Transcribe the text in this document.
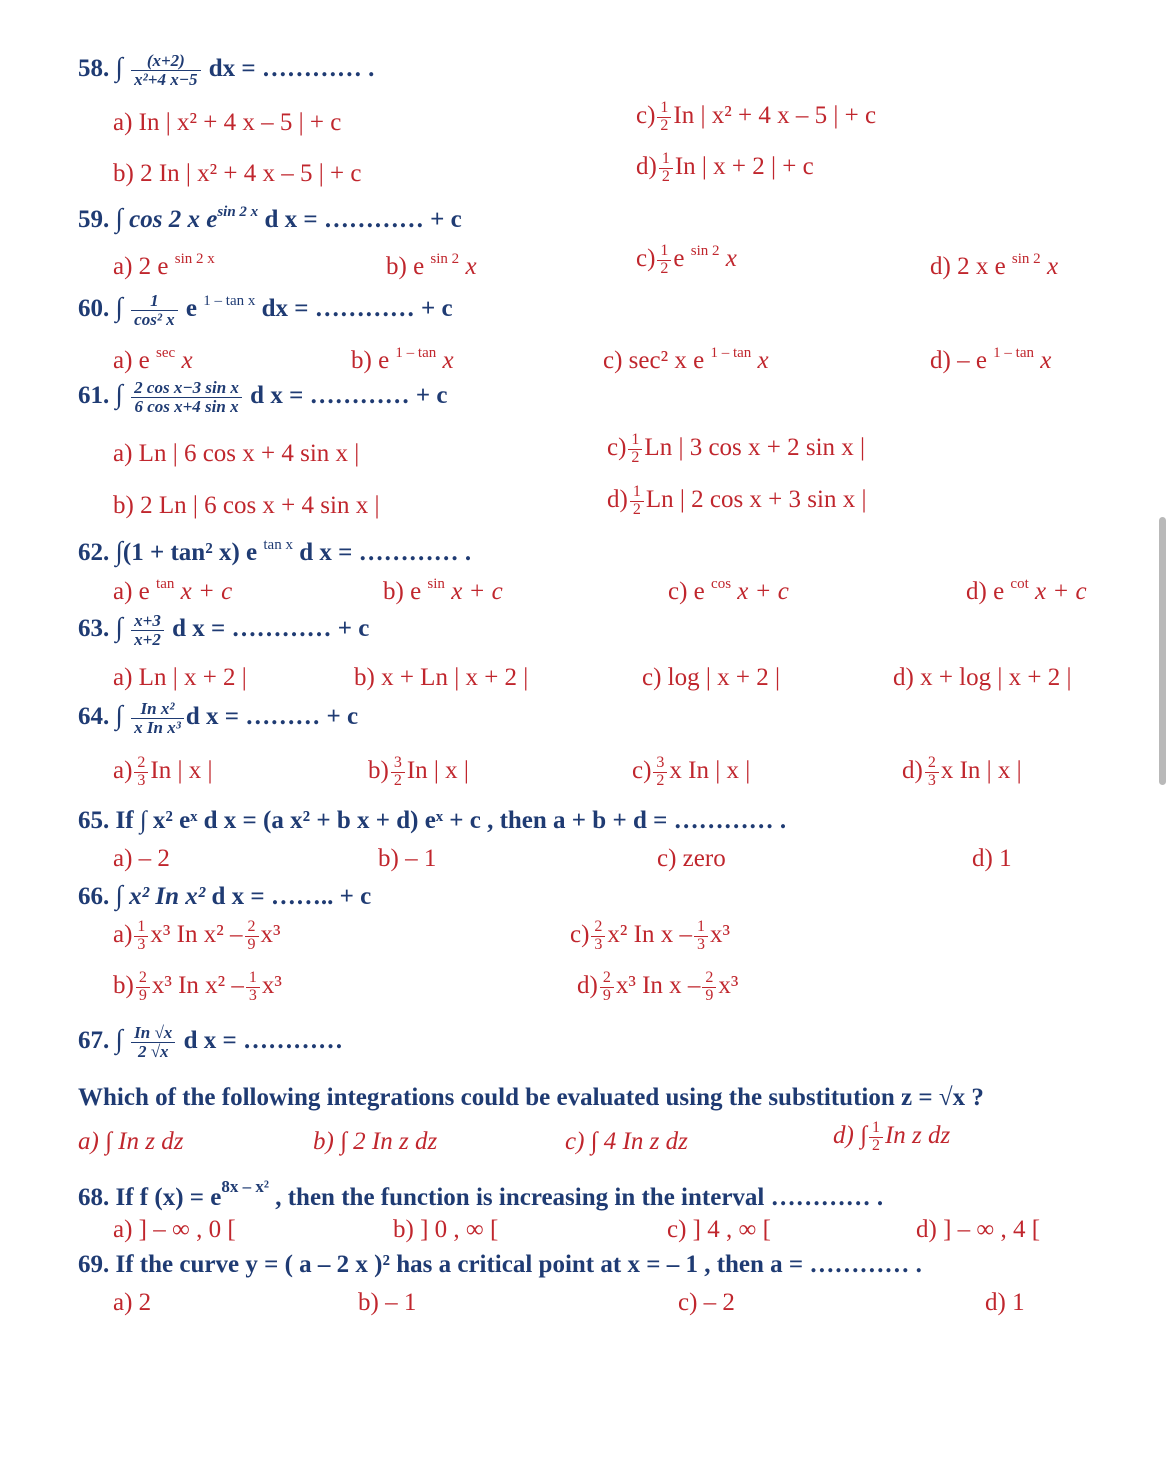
58. ∫ $\frac{(x+2)}{\text{x²+4 x−5}}$ dx = ………… .
a) In | x² + 4 x – 5 | + c
b) 2 In | x² + 4 x – 5 | + c
$c) \frac{1}{2}$ In | x² + 4 x – 5 | + c
$d) \frac{1}{2}$ In | x + 2 | + c
59. ∫ cos 2 x $e^{sin 2 x}$ d x = ………… + c
a) 2 e $^{sin 2 x}$	b) e $^{sin 2}$ x	$c) \frac{1}{2}$ e $^{sin 2}$ x	d) 2 x e $^{sin 2}$ x
60. ∫ $\frac{1}{\text{cos² x}}$ e $^{1 - tan x}$ dx = ………… + c
a) e $^{sec}$ x	b) e $^{1 - tan}$ x	c) sec² x e $^{1 - tan}$ x	d) – e $^{1 - tan}$ x
61. ∫ $\frac{\text{2 cos x−3 sin x}}{\text{6 cos x+4 sin x}}$ d x = ………… + c
a) Ln | 6 cos x + 4 sin x |
b) 2 Ln | 6 cos x + 4 sin x |
$c) \frac{1}{2}$ Ln | 3 cos x + 2 sin x |
$d) \frac{1}{2}$ Ln | 2 cos x + 3 sin x |
62. ∫(1 + tan² x) e $^{tan x}$ d x = ………… .
a) e $^{tan}$ x + c	b) e $^{sin}$ x + c	c) e $^{cos}$ x + c	d) e $^{cot}$ x + c
63. ∫ $\frac{x+3}{x+2}$ d x = ………… + c
a) Ln | x + 2 |	b) x + Ln | x + 2 |	c) log | x + 2 |	d) x + log | x + 2 |
64. ∫ $\frac{\text{In x²}}{\text{x In x³}}$ d x = ……… + c
$a) \frac{2}{3}$ In | x |	$b) \frac{3}{2}$ In | x |	$c) \frac{3}{2}$ x In | x |	$d) \frac{2}{3}$ x In | x |
65. If ∫ x² eˣ d x = (a x² + b x + d) eˣ + c , then a + b + d = ………… .
a) – 2	b) – 1	c) zero	d) 1
66. ∫ x² In x² d x = …….. + c
$a) \frac{1}{3} x^3$ In $x^2 - \frac{2}{9} x^3$
$b) \frac{2}{9} x^3$ In $x^2 - \frac{1}{3} x^3$
$c) \frac{2}{3} x^2$ In x – $\frac{1}{3} x^3$
$d) \frac{2}{9} x^3$ In x – $\frac{2}{9} x^3$
67. ∫ $\frac{In √x}{2 √x}$ d x = …………
Which of the following integrations could be evaluated using the substitution z = √x ?
a) ∫ In z dz	b) ∫ 2 In z dz	c) ∫ 4 In z dz	d) ∫ $\frac{1}{2}$ In z dz
68. If f $(x) = e^{8x - x^2}$ , then the function is increasing in the interval ………… .
a) ] – ∞ , 0 [	b) ] 0 , ∞ [	c) ] 4 , ∞ [	d) ] – ∞ , 4 [
69. If the curve y = ( a – 2 x )² has a critical point at x = – 1 , then a = ………… .
a) 2	b) – 1	c) – 2	d) 1
